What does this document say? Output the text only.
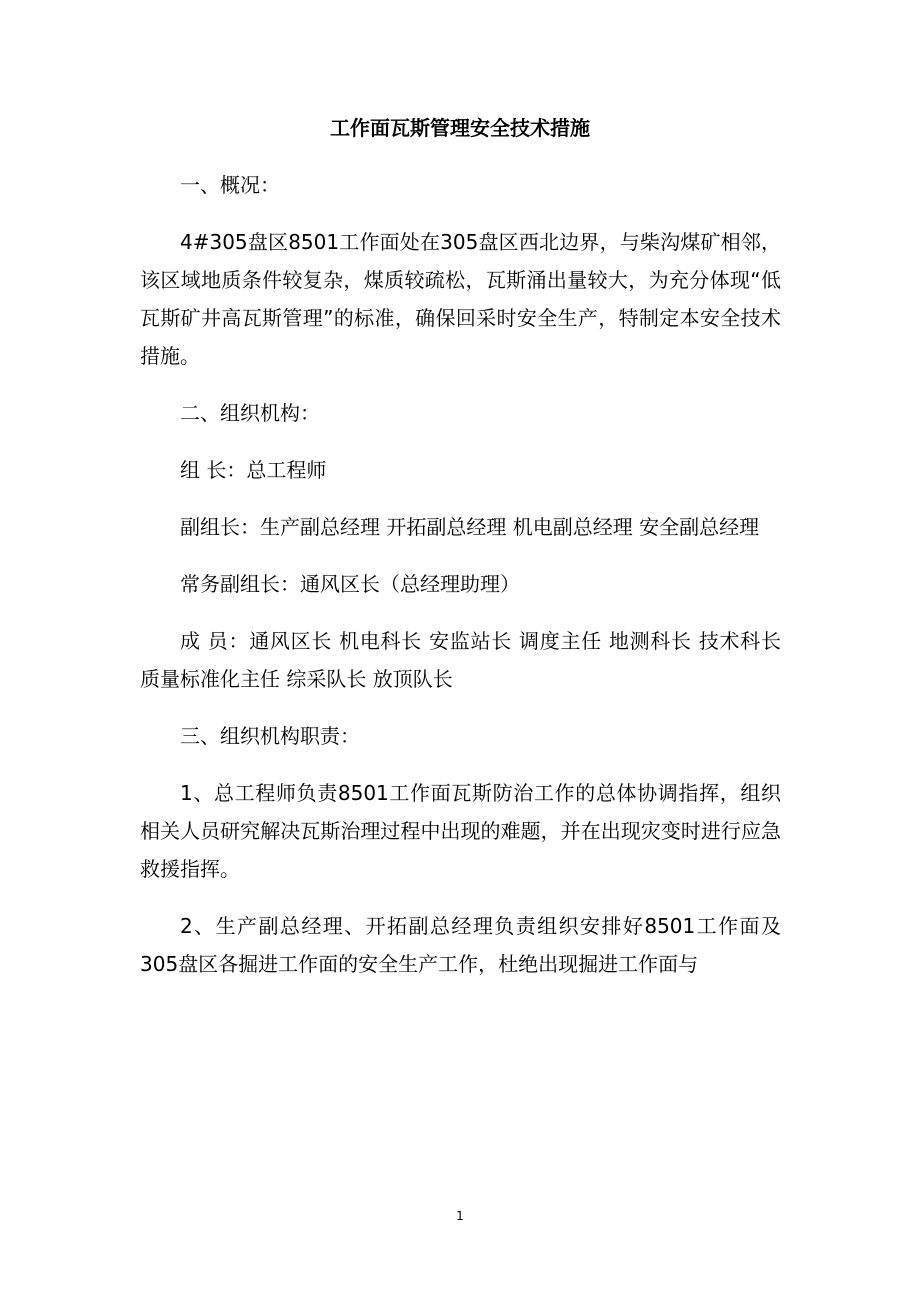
工作面瓦斯管理安全技术措施

一、概况：

4#305盘区8501工作面处在305盘区西北边界，与柴沟煤矿相邻，该区域地质条件较复杂，煤质较疏松，瓦斯涌出量较大，为充分体现“低瓦斯矿井高瓦斯管理”的标准，确保回采时安全生产，特制定本安全技术措施。

二、组织机构：

组 长：总工程师

副组长：生产副总经理 开拓副总经理 机电副总经理 安全副总经理

常务副组长：通风区长（总经理助理）

成 员：通风区长 机电科长 安监站长 调度主任 地测科长 技术科长 质量标准化主任 综采队长 放顶队长

三、组织机构职责：

1、总工程师负责8501工作面瓦斯防治工作的总体协调指挥，组织相关人员研究解决瓦斯治理过程中出现的难题，并在出现灾变时进行应急救援指挥。

2、生产副总经理、开拓副总经理负责组织安排好8501工作面及305盘区各掘进工作面的安全生产工作，杜绝出现掘进工作面与

1
